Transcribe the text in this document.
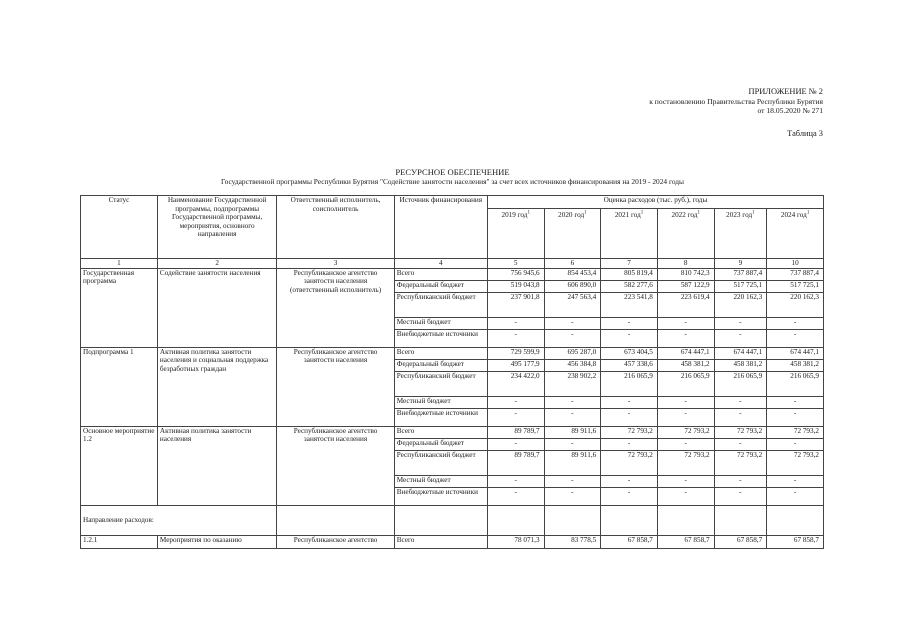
ПРИЛОЖЕНИЕ № 2
к постановлению Правительства Республики Бурятия
от 18.05.2020 № 271
Таблица 3
РЕСУРСНОЕ ОБЕСПЕЧЕНИЕ
Государственной программы Республики Бурятия "Содействие занятости населения" за счет всех источников финансирования на 2019 - 2024 годы
Статус	Наименование Государственной программы, подпрограммы Государственной программы, мероприятия, основного направления	Ответственный исполнитель, соисполнитель	Источник финансирования	Оценка расходов (тыс. руб.), годы					
				2019 год$^1$	2020 год$^1$	2021 год$^1$	2022 год$^1$	2023 год$^1$	2024 год$^1$
1	2	3	4	5	6	7	8	9	10
Государственная программа	Содействие занятости населения	Республиканское агентство занятости населения (ответственный исполнитель)	Всего	756 945,6	854 453,4	805 819,4	810 742,3	737 887,4	737 887,4
			Федеральный бюджет	519 043,8	606 890,0	582 277,6	587 122,9	517 725,1	517 725,1
			Республиканский бюджет	237 901,8	247 563,4	223 541,8	223 619,4	220 162,3	220 162,3
			Местный бюджет	-	-	-	-	-	-
			Внебюджетные источники	-	-	-	-	-	-
Подпрограмма 1	Активная политика занятости населения и социальная поддержка безработных граждан	Республиканское агентство занятости населения	Всего	729 599,9	695 287,0	673 404,5	674 447,1	674 447,1	674 447,1
			Федеральный бюджет	495 177,9	456 384,8	457 338,6	458 381,2	458 381,2	458 381,2
			Республиканский бюджет	234 422,0	238 902,2	216 065,9	216 065,9	216 065,9	216 065,9
			Местный бюджет	-	-	-	-	-	-
			Внебюджетные источники	-	-	-	-	-	-
Основное мероприятие 1.2	Активная политика занятости населения	Республиканское агентство занятости населения	Всего	89 789,7	89 911,6	72 793,2	72 793,2	72 793,2	72 793,2
			Федеральный бюджет	-	-	-	-	-	-
			Республиканский бюджет	89 789,7	89 911,6	72 793,2	72 793,2	72 793,2	72 793,2
			Местный бюджет	-	-	-	-	-	-
			Внебюджетные источники	-	-	-	-	-	-
Направление расходов:									
1.2.1	Мероприятия по оказанию	Республиканское агентство	Всего	78 071,3	83 778,5	67 858,7	67 858,7	67 858,7	67 858,7
